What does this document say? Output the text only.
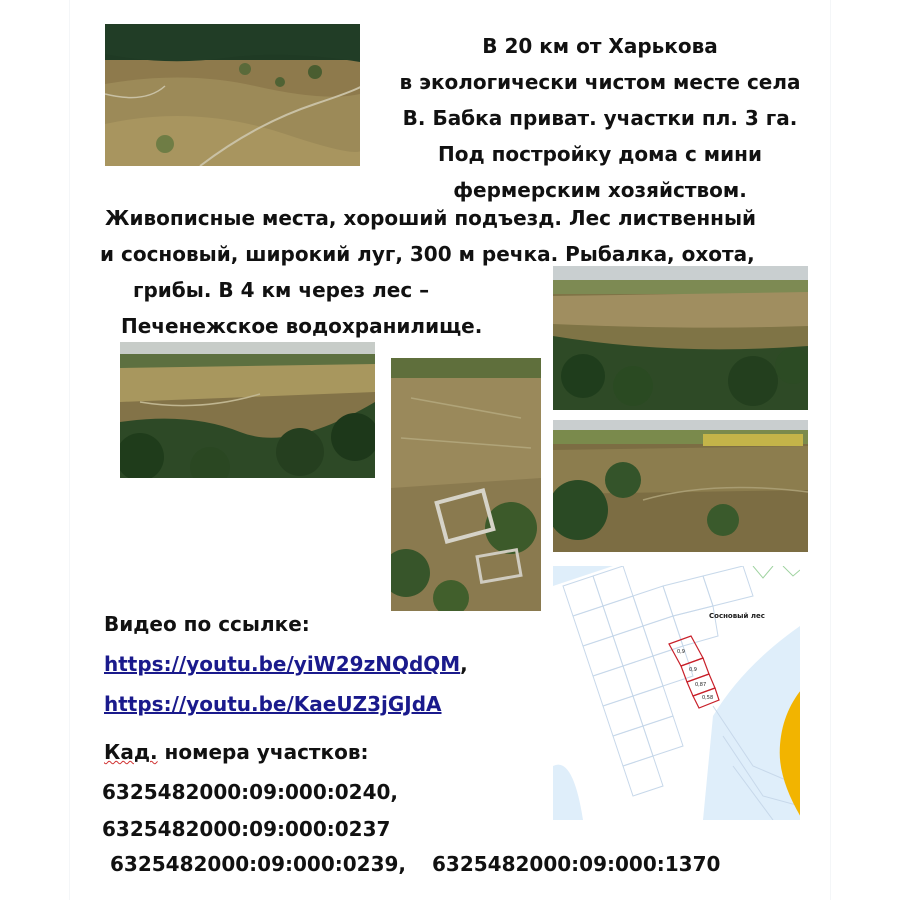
В 20 км от Харькова
в экологически чистом месте села
В. Бабка приват. участки пл. 3 га.
Под постройку дома с мини
фермерским хозяйством.
Живописные места, хороший подъезд. Лес лиственный
и сосновый, широкий луг, 300 м речка. Рыбалка, охота,
грибы. В 4 км через лес –
Печенежское водохранилище.
Видео по ссылке:
https://youtu.be/yiW29zNQdQM,
https://youtu.be/KaeUZ3jGJdA
Кад. номера участков:
6325482000:09:000:0240,
6325482000:09:000:0237
6325482000:09:000:0239, 6325482000:09:000:1370
Сосновый лес
0,9
0,9
0,87
0,58
